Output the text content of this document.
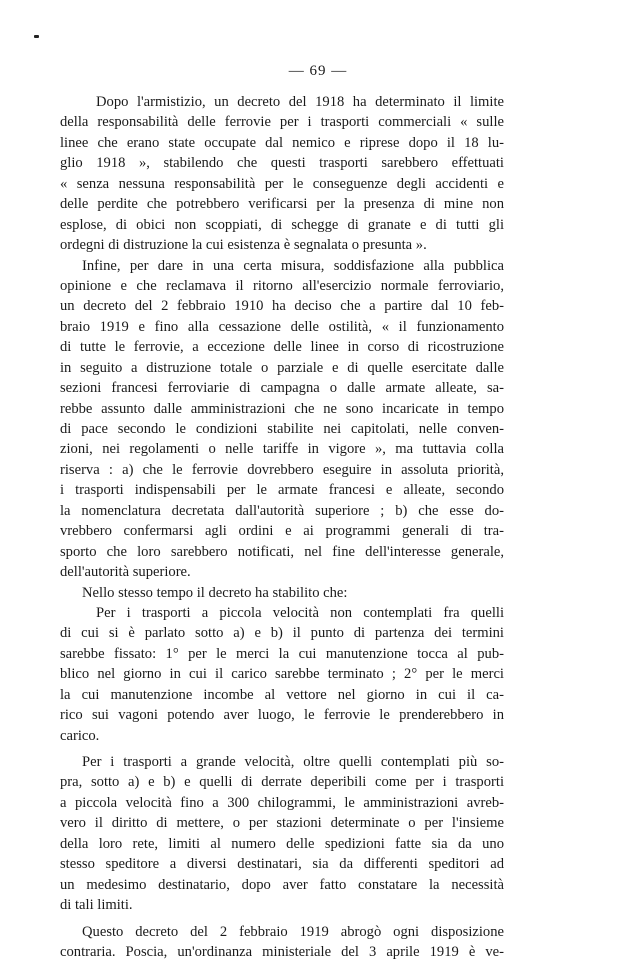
— 69 —
Dopo l'armistizio, un decreto del 1918 ha determinato il limite
della responsabilità delle ferrovie per i trasporti commerciali « sulle
linee che erano state occupate dal nemico e riprese dopo il 18 lu-
glio 1918 », stabilendo che questi trasporti sarebbero effettuati
« senza nessuna responsabilità per le conseguenze degli accidenti e
delle perdite che potrebbero verificarsi per la presenza di mine non
esplose, di obici non scoppiati, di schegge di granate e di tutti gli
ordegni di distruzione la cui esistenza è segnalata o presunta ».
Infine, per dare in una certa misura, soddisfazione alla pubblica
opinione e che reclamava il ritorno all'esercizio normale ferroviario,
un decreto del 2 febbraio 1910 ha deciso che a partire dal 10 feb-
braio 1919 e fino alla cessazione delle ostilità, « il funzionamento
di tutte le ferrovie, a eccezione delle linee in corso di ricostruzione
in seguito a distruzione totale o parziale e di quelle esercitate dalle
sezioni francesi ferroviarie di campagna o dalle armate alleate, sa-
rebbe assunto dalle amministrazioni che ne sono incaricate in tempo
di pace secondo le condizioni stabilite nei capitolati, nelle conven-
zioni, nei regolamenti o nelle tariffe in vigore », ma tuttavia colla
riserva : a) che le ferrovie dovrebbero eseguire in assoluta priorità,
i trasporti indispensabili per le armate francesi e alleate, secondo
la nomenclatura decretata dall'autorità superiore ; b) che esse do-
vrebbero confermarsi agli ordini e ai programmi generali di tra-
sporto che loro sarebbero notificati, nel fine dell'interesse generale,
dell'autorità superiore.
Nello stesso tempo il decreto ha stabilito che:
Per i trasporti a piccola velocità non contemplati fra quelli
di cui si è parlato sotto a) e b) il punto di partenza dei termini
sarebbe fissato: 1° per le merci la cui manutenzione tocca al pub-
blico nel giorno in cui il carico sarebbe terminato ; 2° per le merci
la cui manutenzione incombe al vettore nel giorno in cui il ca-
rico sui vagoni potendo aver luogo, le ferrovie le prenderebbero in
carico.
Per i trasporti a grande velocità, oltre quelli contemplati più so-
pra, sotto a) e b) e quelli di derrate deperibili come per i trasporti
a piccola velocità fino a 300 chilogrammi, le amministrazioni avreb-
vero il diritto di mettere, o per stazioni determinate o per l'insieme
della loro rete, limiti al numero delle spedizioni fatte sia da uno
stesso speditore a diversi destinatari, sia da differenti speditori ad
un medesimo destinatario, dopo aver fatto constatare la necessità
di tali limiti.
Questo decreto del 2 febbraio 1919 abrogò ogni disposizione
contraria. Poscia, un'ordinanza ministeriale del 3 aprile 1919 è ve-
